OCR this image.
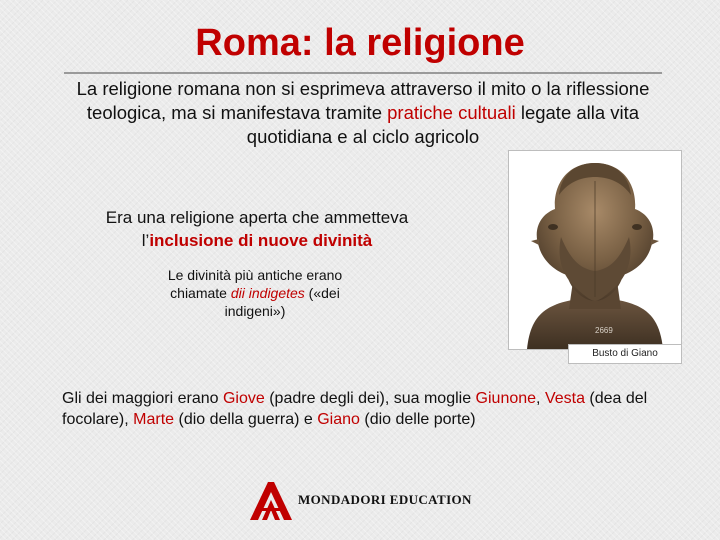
Roma: la religione

La religione romana non si esprimeva attraverso il mito o la riflessione teologica, ma si manifestava tramite pratiche cultuali legate alla vita quotidiana e al ciclo agricolo

2669
Busto di Giano

Era una religione aperta che ammetteva l’inclusione di nuove divinità

Le divinità più antiche erano chiamate dii indigetes («dei indigeni»)

Gli dei maggiori erano Giove (padre degli dei), sua moglie Giunone, Vesta (dea del focolare), Marte (dio della guerra) e Giano (dio delle porte)

MONDADORI EDUCATION
